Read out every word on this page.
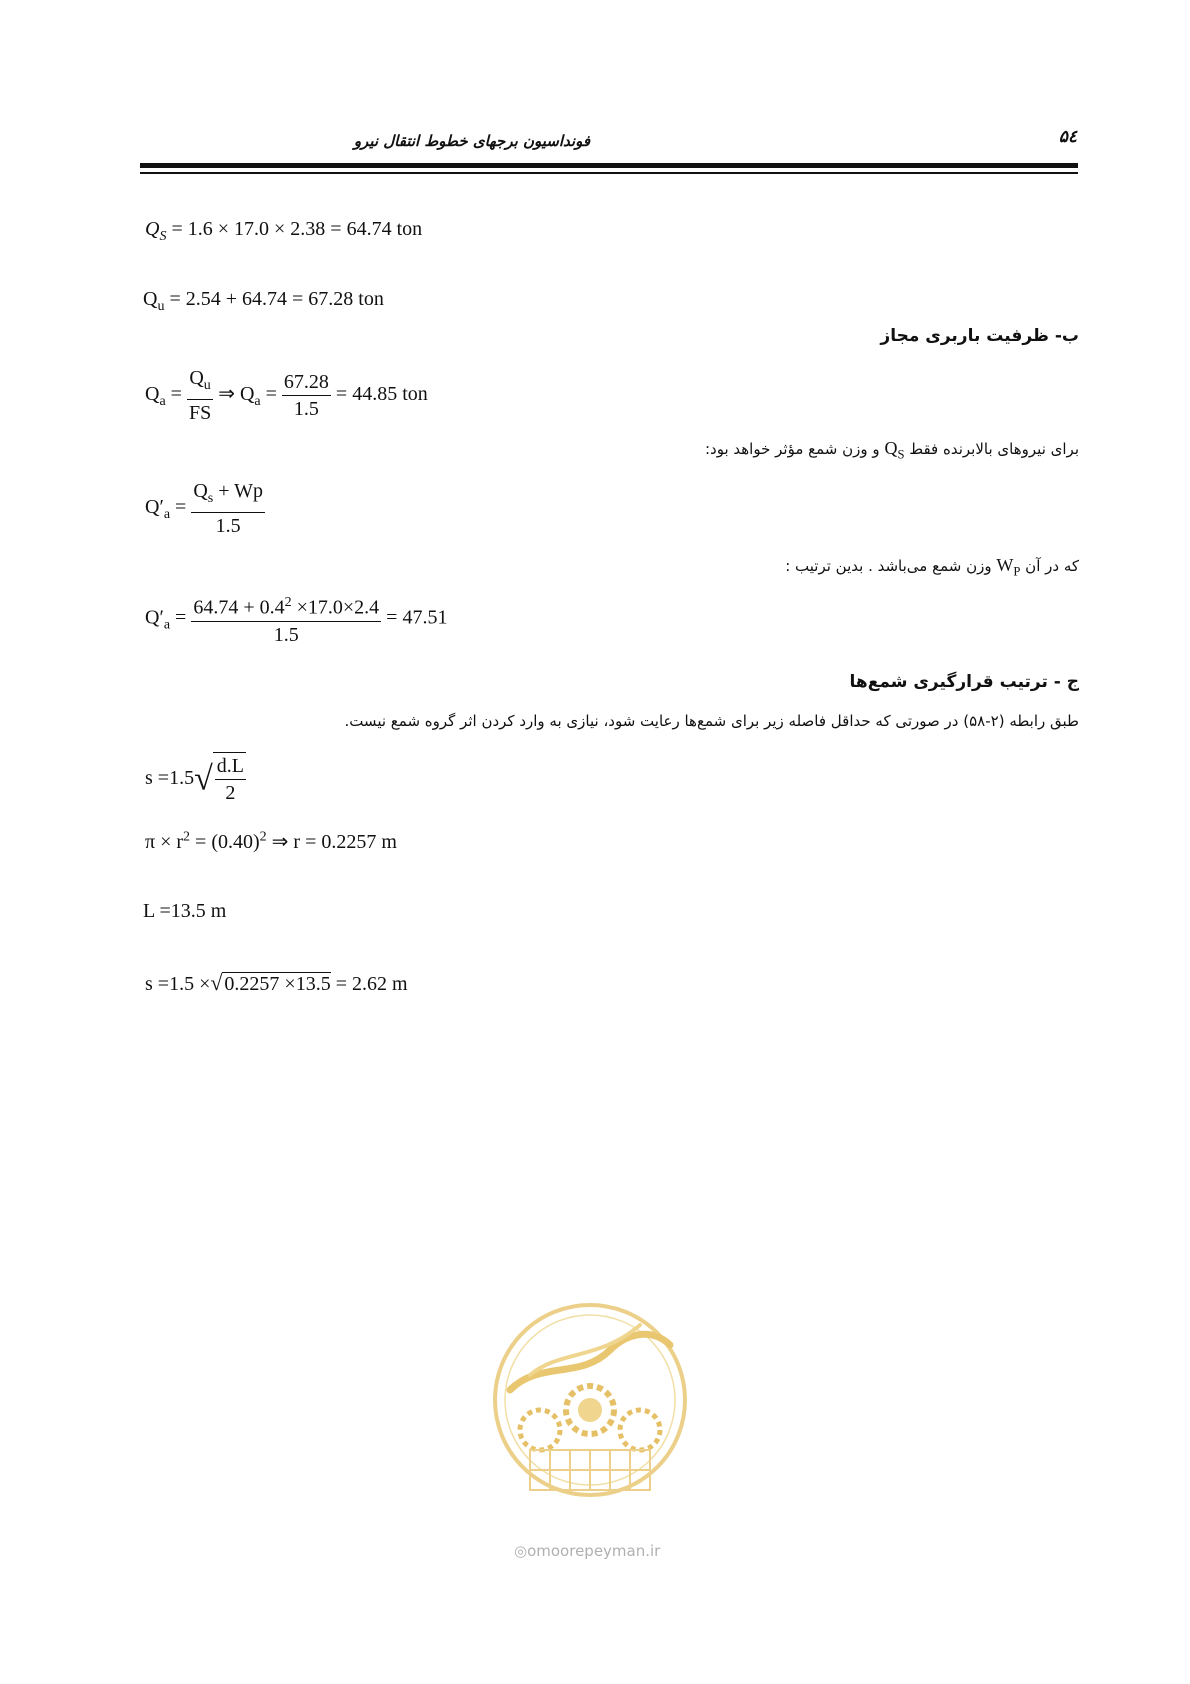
فونداسیون برجهای خطوط انتقال نیرو	۵٤
$Q_S = 1.6 \times 17.0 \times 2.38 = 64.74$ ton
$Q_u = 2.54 + 64.74 = 67.28$ ton
ب- ظرفیت باربری مجاز
$Q_a = \frac{Q_u}{FS}$ ⇒ $Q_a = \frac{67.28}{1.5} = 44.85$ ton
برای نیروهای بالابرنده فقط $Q_S$ و وزن شمع مؤثر خواهد بود:
$Q'_a = \frac{Q_s + Wp}{1.5}$
که در آن $W_P$ وزن شمع می‌باشد . بدین ترتیب :
$Q'_a = \frac{64.74 + 0.4^2 \times 17.0\times 2.4}{1.5} = 47.51$
ج - ترتیب قرارگیری شمع‌ها
طبق رابطه (۲-۵۸) در صورتی که حداقل فاصله زیر برای شمع‌ها رعایت شود، نیازی به وارد کردن اثر گروه شمع نیست.
$s =1.5√ \frac{d.L}{2}$
$\pi \times r^2 = (0.40)^2$ ⇒ r = 0.2257 m
L =13.5 m
s =1.5 ×√ 0.2257 ×13.5 = 2.62 m
◎omoorepeyman.ir
